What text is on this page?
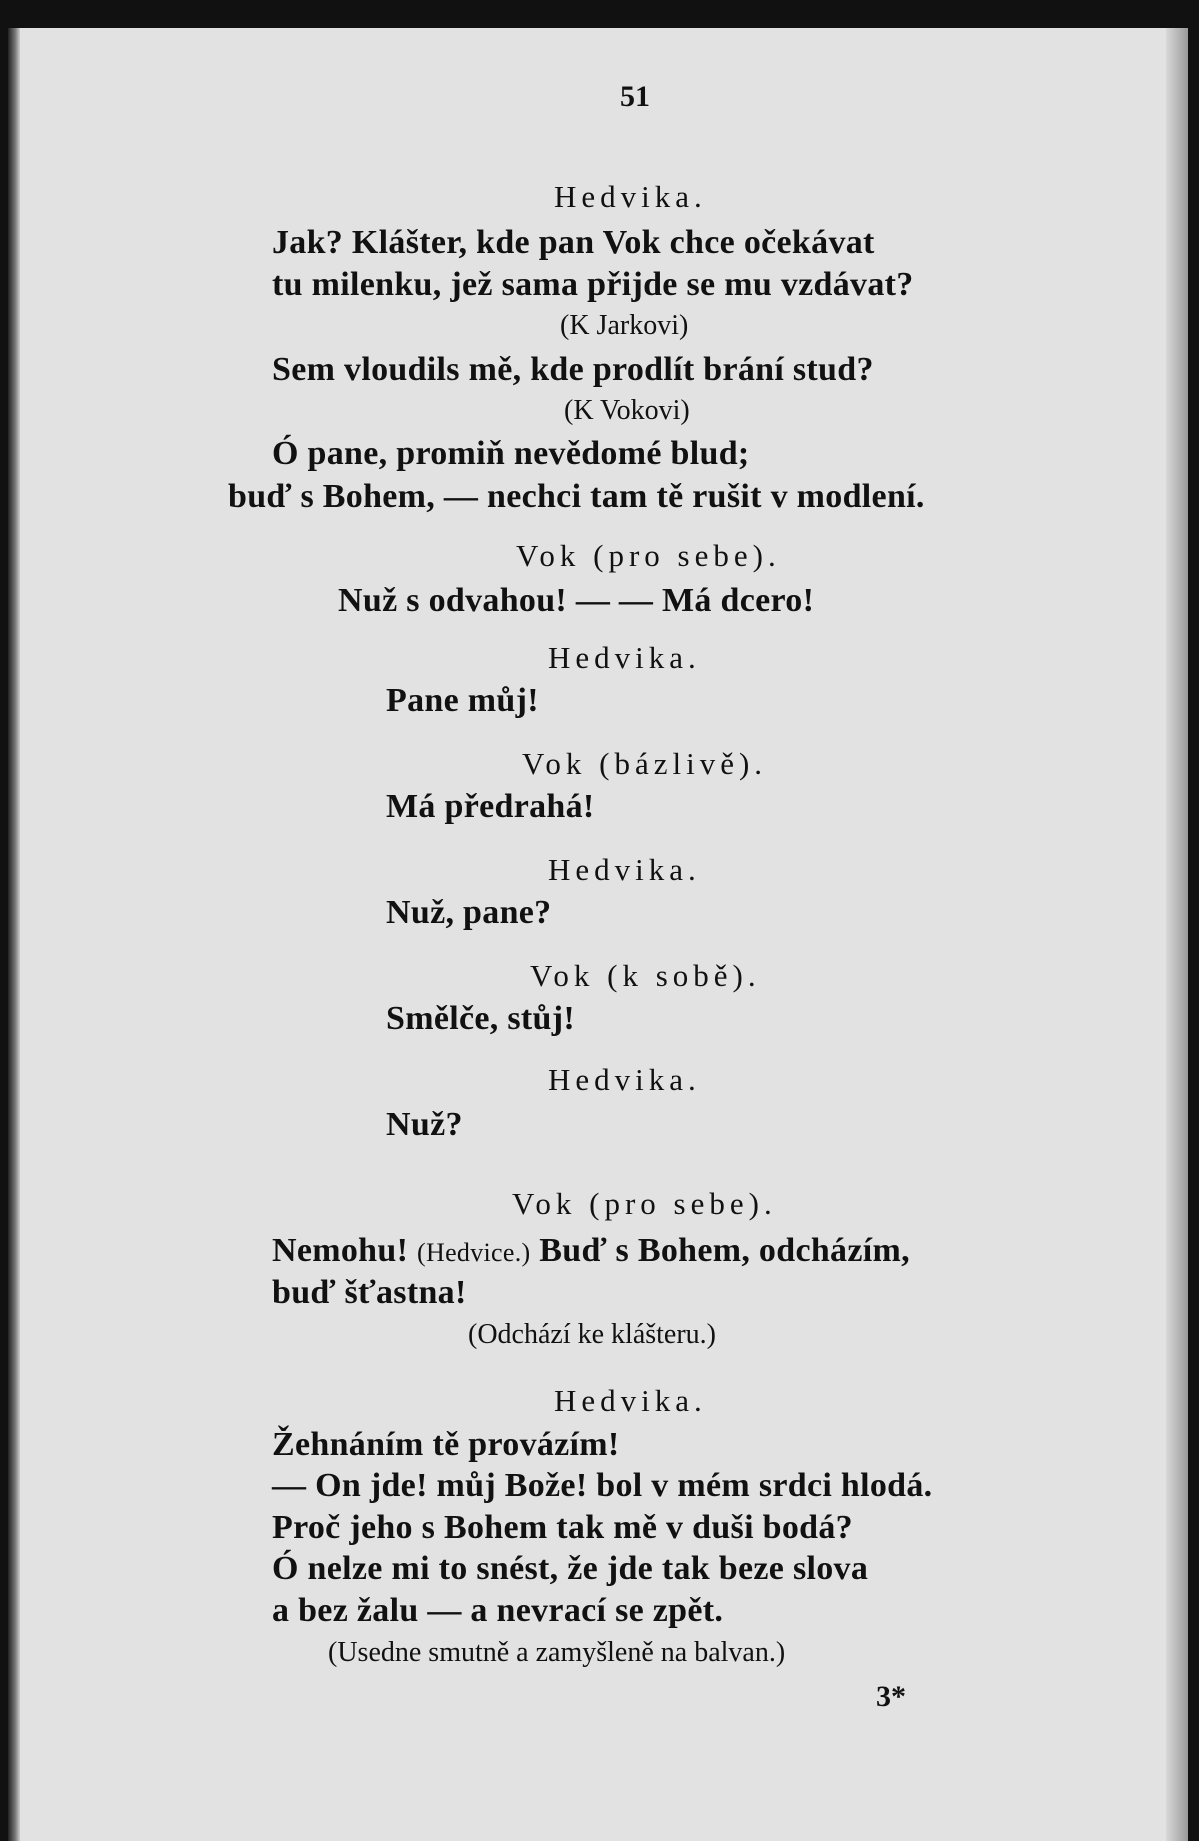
51
Hedvika.
Jak? Klášter, kde pan Vok chce očekávat
tu milenku, jež sama přijde se mu vzdávat?
(K Jarkovi)
Sem vloudils mě, kde prodlít brání stud?
(K Vokovi)
Ó pane, promiň nevědomé blud;
buď s Bohem, — nechci tam tě rušit v modlení.
Vok (pro sebe).
Nuž s odvahou! — — Má dcero!
Hedvika.
Pane můj!
Vok (bázlivě).
Má předrahá!
Hedvika.
Nuž, pane?
Vok (k sobě).
Smělče, stůj!
Hedvika.
Nuž?
Vok (pro sebe).
Nemohu! (Hedvice.) Buď s Bohem, odcházím,
buď šťastna!
(Odchází ke klášteru.)
Hedvika.
Žehnáním tě provázím!
— On jde! můj Bože! bol v mém srdci hlodá.
Proč jeho s Bohem tak mě v duši bodá?
Ó nelze mi to snést, že jde tak beze slova
a bez žalu — a nevrací se zpět.
(Usedne smutně a zamyšleně na balvan.)
3*
